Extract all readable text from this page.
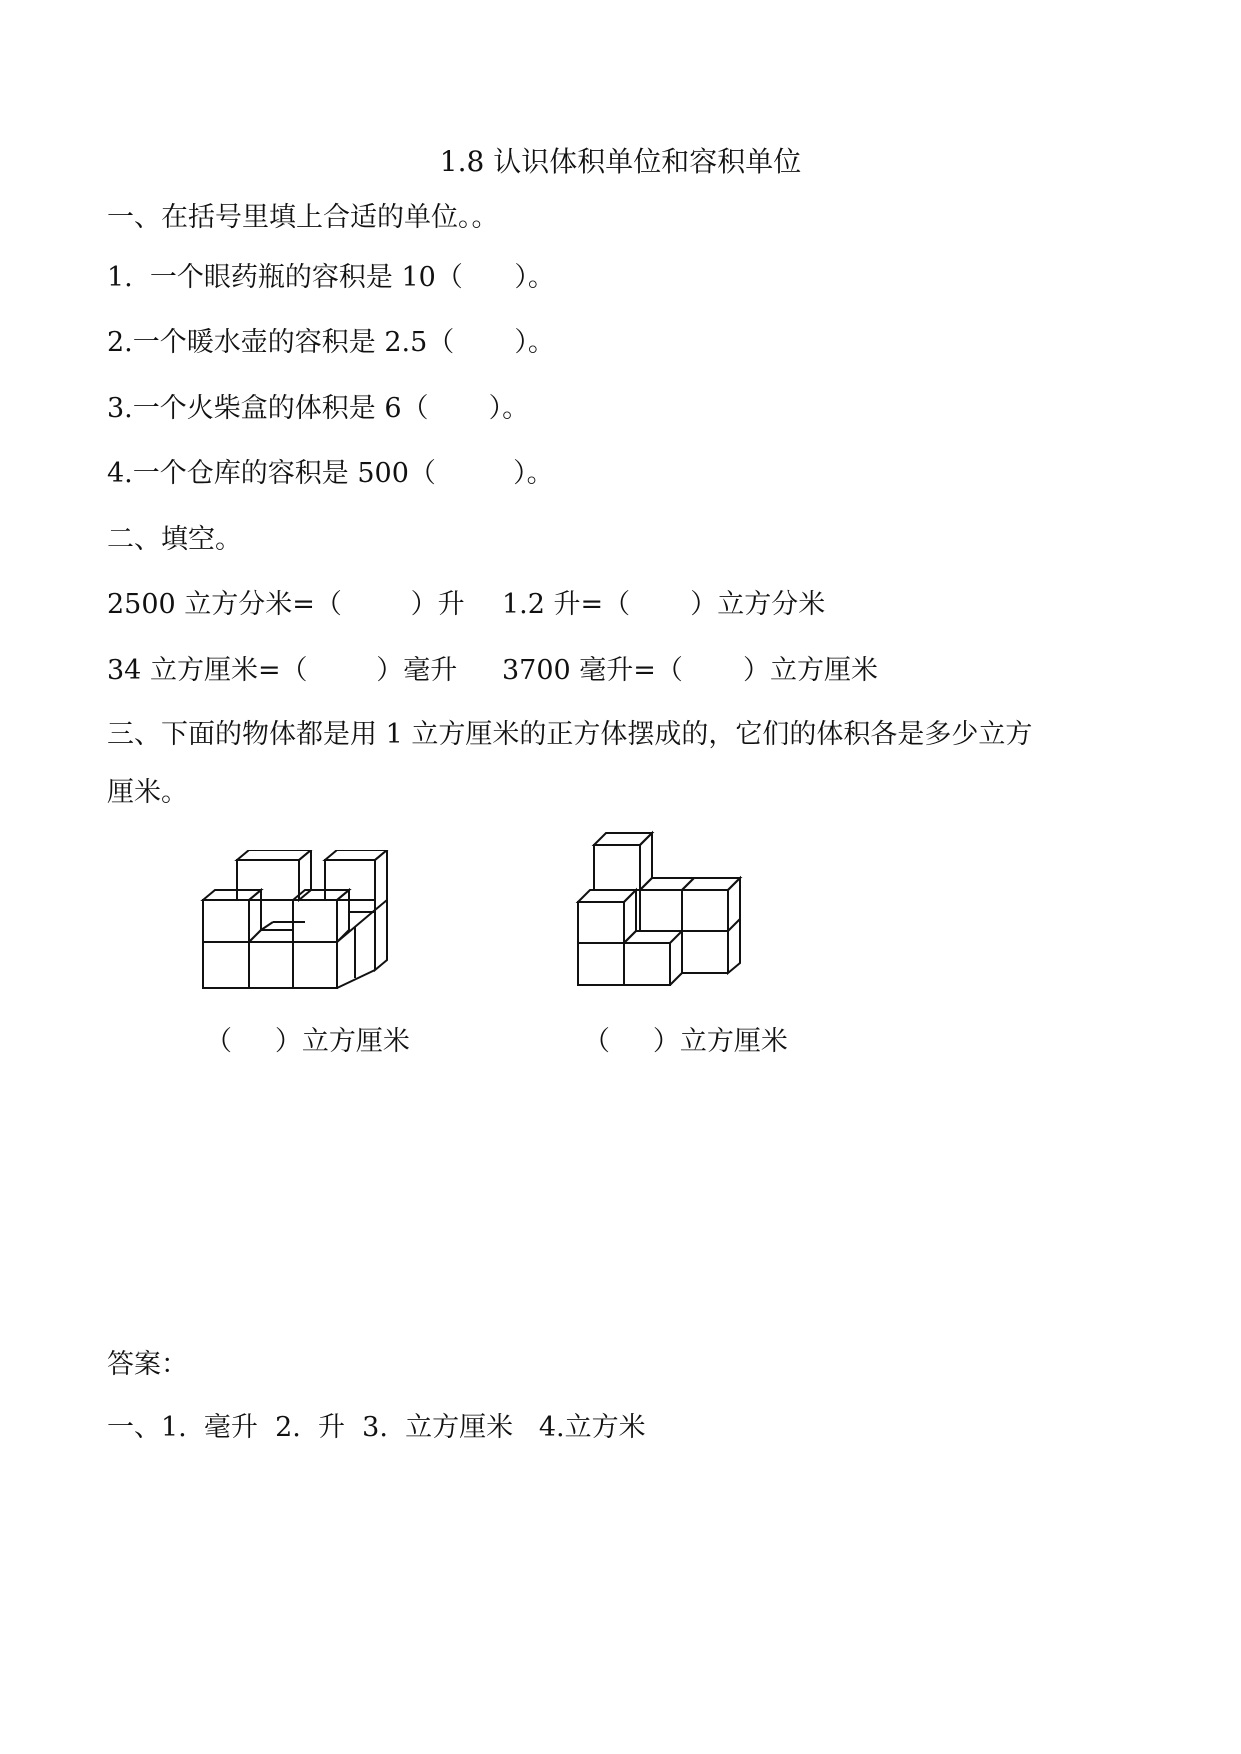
1.8 认识体积单位和容积单位
一、在括号里填上合适的单位。。
1.  一个眼药瓶的容积是 10（      ）。
2.一个暖水壶的容积是 2.5（       ）。
3.一个火柴盒的体积是 6（       ）。
4.一个仓库的容积是 500（         ）。
二、填空。
2500 立方分米=（        ）升 1.2 升=（       ）立方分米
34 立方厘米=（        ）毫升 3700 毫升=（       ）立方厘米
三、下面的物体都是用 1 立方厘米的正方体摆成的，它们的体积各是多少立方
厘米。
（     ）立方厘米	（     ）立方厘米
答案：
一、1.  毫升  2.  升  3.  立方厘米   4.立方米
